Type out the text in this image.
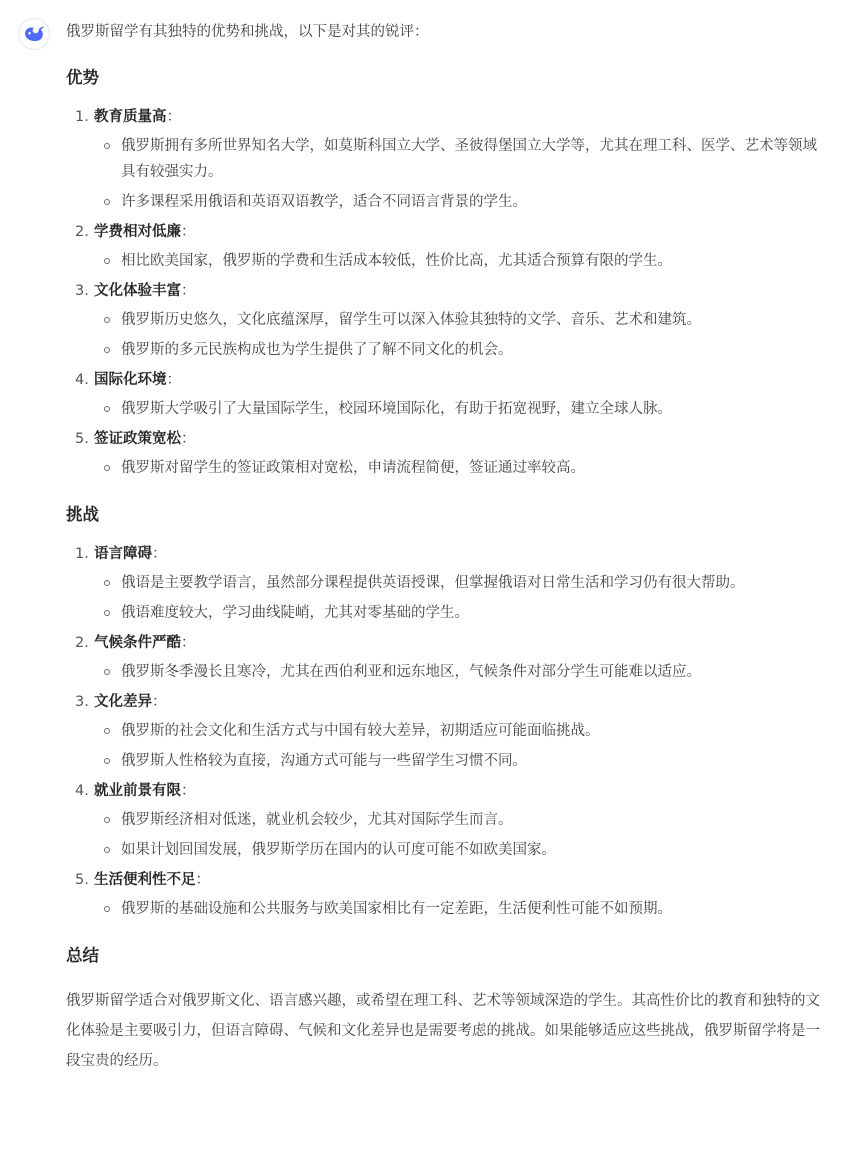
俄罗斯留学有其独特的优势和挑战，以下是对其的锐评：

优势
1. 教育质量高：
俄罗斯拥有多所世界知名大学，如莫斯科国立大学、圣彼得堡国立大学等，尤其在理工科、医学、艺术等领域具有较强实力。
许多课程采用俄语和英语双语教学，适合不同语言背景的学生。
2. 学费相对低廉：
相比欧美国家，俄罗斯的学费和生活成本较低，性价比高，尤其适合预算有限的学生。
3. 文化体验丰富：
俄罗斯历史悠久，文化底蕴深厚，留学生可以深入体验其独特的文学、音乐、艺术和建筑。
俄罗斯的多元民族构成也为学生提供了了解不同文化的机会。
4. 国际化环境：
俄罗斯大学吸引了大量国际学生，校园环境国际化，有助于拓宽视野，建立全球人脉。
5. 签证政策宽松：
俄罗斯对留学生的签证政策相对宽松，申请流程简便，签证通过率较高。
挑战
1. 语言障碍：
俄语是主要教学语言，虽然部分课程提供英语授课，但掌握俄语对日常生活和学习仍有很大帮助。
俄语难度较大，学习曲线陡峭，尤其对零基础的学生。
2. 气候条件严酷：
俄罗斯冬季漫长且寒冷，尤其在西伯利亚和远东地区，气候条件对部分学生可能难以适应。
3. 文化差异：
俄罗斯的社会文化和生活方式与中国有较大差异，初期适应可能面临挑战。
俄罗斯人性格较为直接，沟通方式可能与一些留学生习惯不同。
4. 就业前景有限：
俄罗斯经济相对低迷，就业机会较少，尤其对国际学生而言。
如果计划回国发展，俄罗斯学历在国内的认可度可能不如欧美国家。
5. 生活便利性不足：
俄罗斯的基础设施和公共服务与欧美国家相比有一定差距，生活便利性可能不如预期。
总结

俄罗斯留学适合对俄罗斯文化、语言感兴趣，或希望在理工科、艺术等领域深造的学生。其高性价比的教育和独特的文化体验是主要吸引力，但语言障碍、气候和文化差异也是需要考虑的挑战。如果能够适应这些挑战，俄罗斯留学将是一段宝贵的经历。
